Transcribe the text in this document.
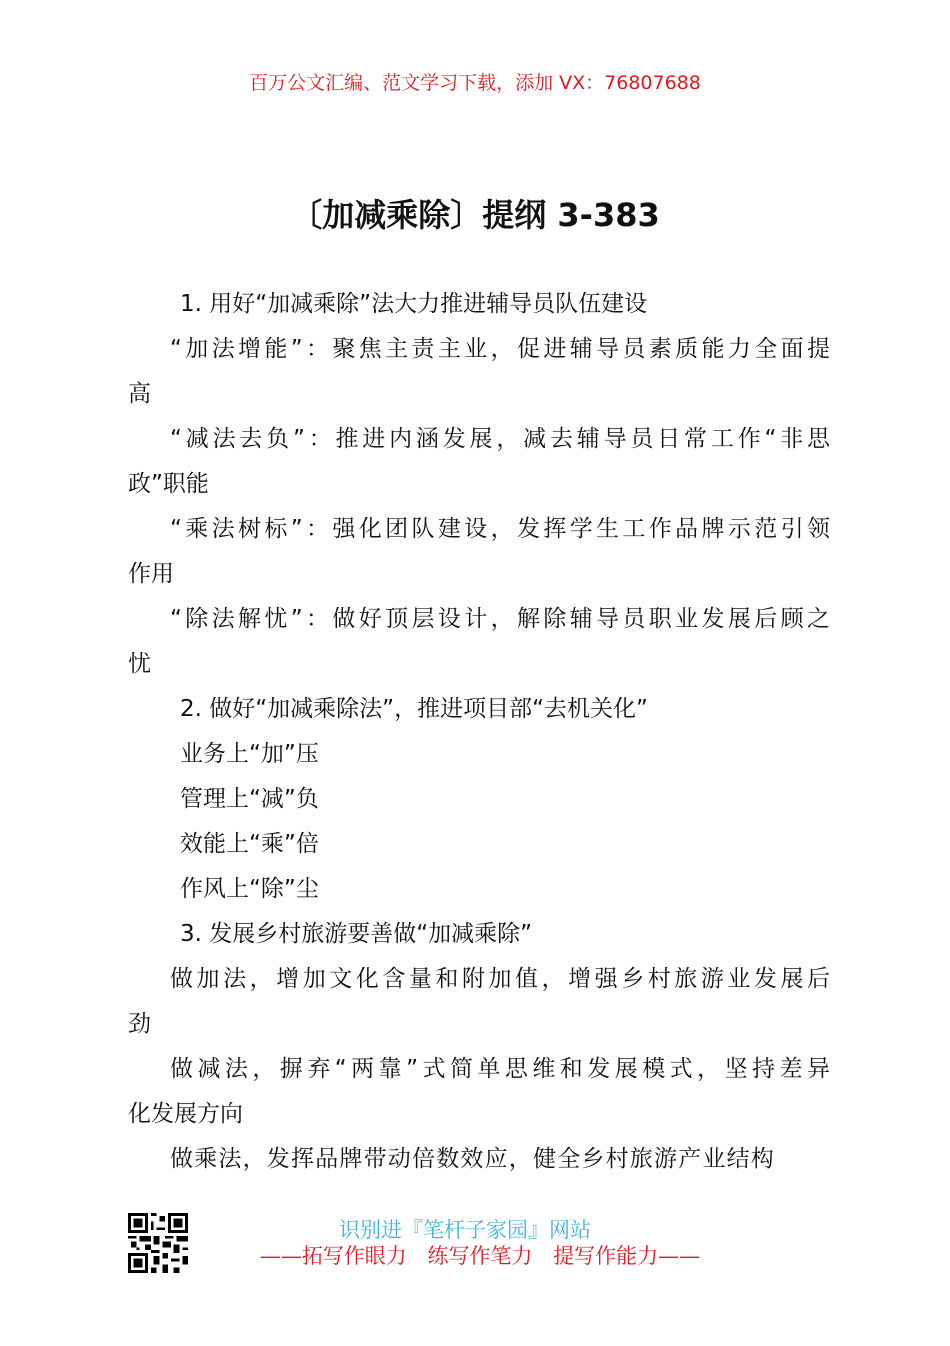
百万公文汇编、范文学习下载，添加 VX：76807688
〔加减乘除〕提纲 3-383
1. 用好“加减乘除”法大力推进辅导员队伍建设
“加法增能”：聚焦主责主业，促进辅导员素质能力全面提
高
“减法去负”：推进内涵发展，减去辅导员日常工作“非思
政”职能
“乘法树标”：强化团队建设，发挥学生工作品牌示范引领
作用
“除法解忧”：做好顶层设计，解除辅导员职业发展后顾之
忧
2. 做好“加减乘除法”，推进项目部“去机关化”
业务上“加”压
管理上“减”负
效能上“乘”倍
作风上“除”尘
3. 发展乡村旅游要善做“加减乘除”
做加法，增加文化含量和附加值，增强乡村旅游业发展后
劲
做减法，摒弃“两靠”式简单思维和发展模式，坚持差异
化发展方向
做乘法，发挥品牌带动倍数效应，健全乡村旅游产业结构
识别进『笔杆子家园』网站
——拓写作眼力 练写作笔力 提写作能力——
